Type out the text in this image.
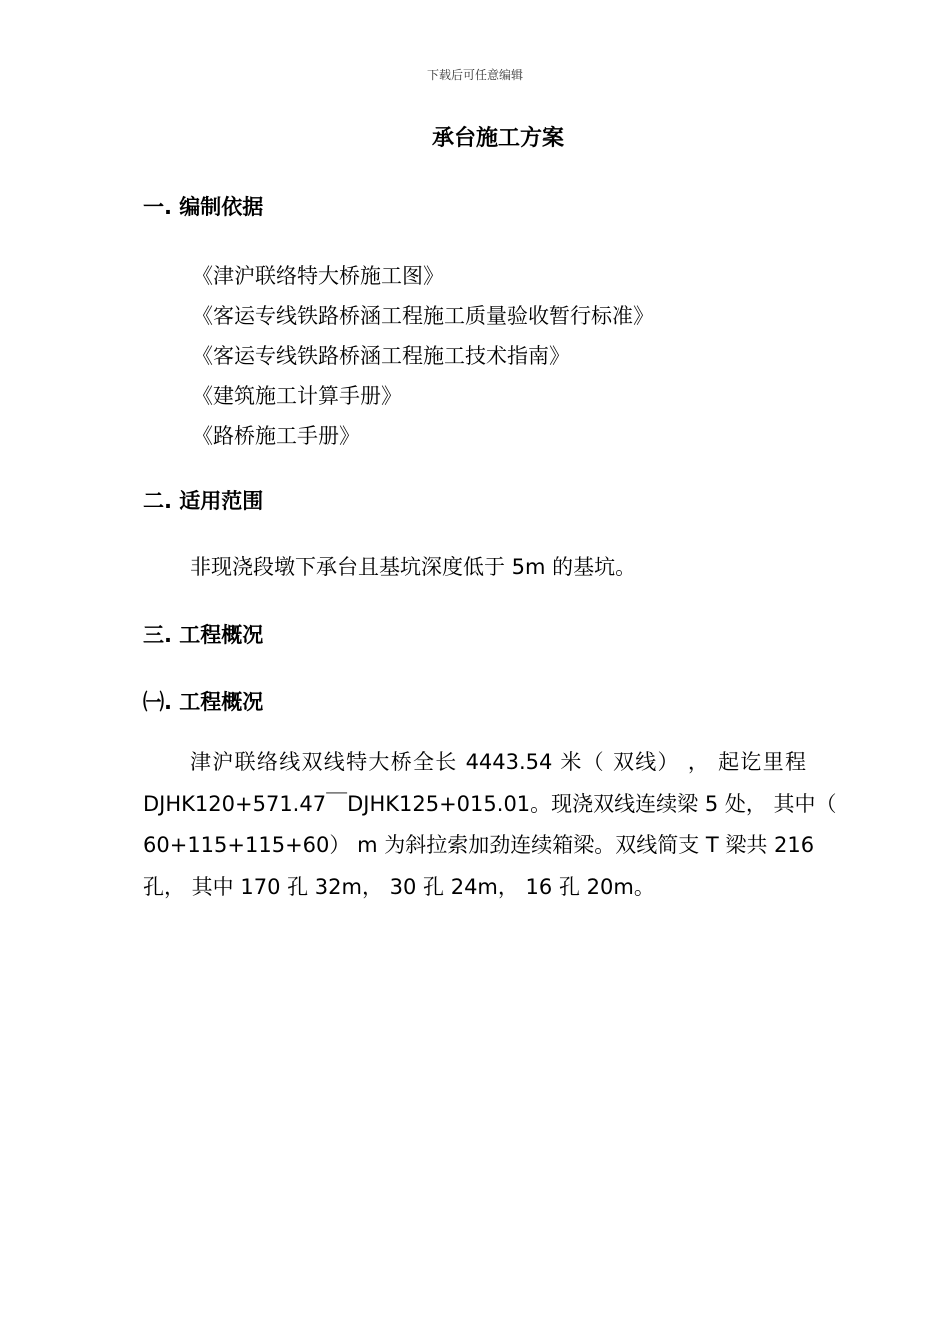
下载后可任意编辑
承台施工方案
一. 编制依据
《津沪联络特大桥施工图》
《客运专线铁路桥涵工程施工质量验收暂行标准》
《客运专线铁路桥涵工程施工技术指南》
《建筑施工计算手册》
《路桥施工手册》
二. 适用范围
非现浇段墩下承台且基坑深度低于 5m 的基坑。
三. 工程概况
㈠. 工程概况
津沪联络线双线特大桥全长 4443.54 米（ 双线） ， 起讫里程
DJHK120+571.47￣DJHK125+015.01。现浇双线连续梁 5 处， 其中（
60+115+115+60） m 为斜拉索加劲连续箱梁。双线简支 T 梁共 216
孔， 其中 170 孔 32m， 30 孔 24m， 16 孔 20m。
